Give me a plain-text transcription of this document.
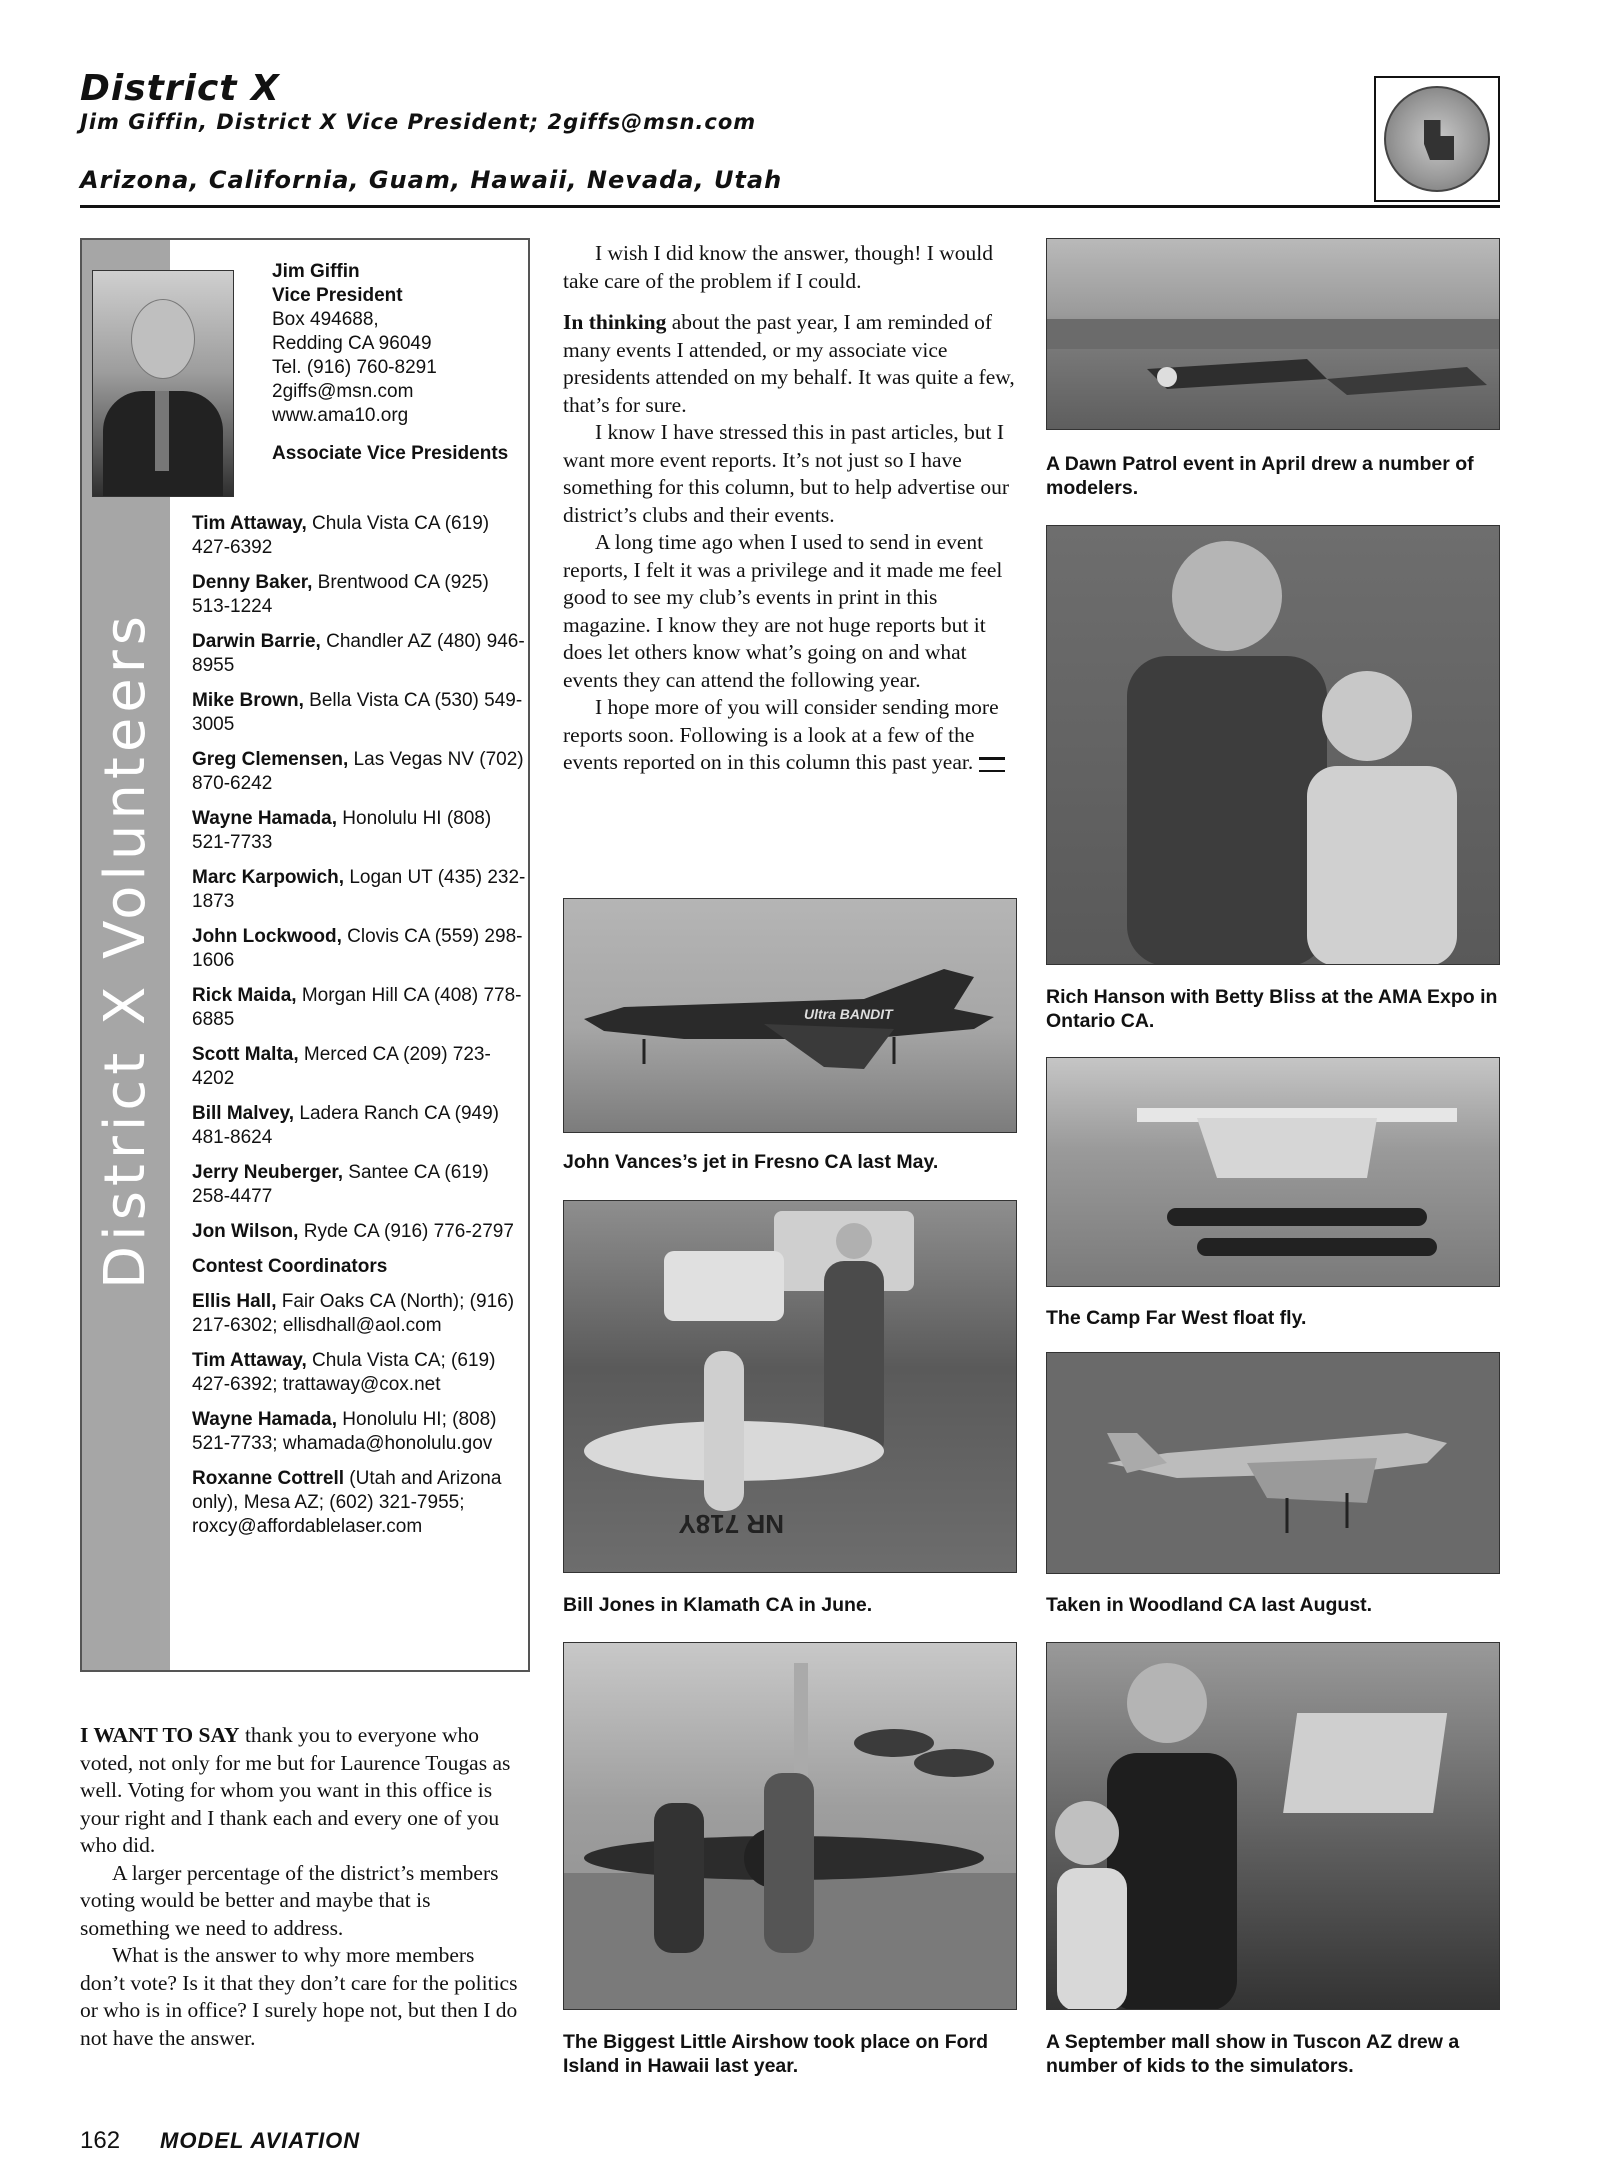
District X
Jim Giffin, District X Vice President; 2giffs@msn.com
Arizona, California, Guam, Hawaii, Nevada, Utah
District X Volunteers
Jim Giffin
Vice President
Box 494688,
Redding CA 96049
Tel. (916) 760-8291
2giffs@msn.com
www.ama10.org
Associate Vice Presidents
Tim Attaway, Chula Vista CA (619) 427-6392
Denny Baker, Brentwood CA (925) 513-1224
Darwin Barrie, Chandler AZ (480) 946-8955
Mike Brown, Bella Vista CA (530) 549-3005
Greg Clemensen, Las Vegas NV (702) 870-6242
Wayne Hamada, Honolulu HI (808) 521-7733
Marc Karpowich, Logan UT (435) 232-1873
John Lockwood, Clovis CA (559) 298-1606
Rick Maida, Morgan Hill CA (408) 778-6885
Scott Malta, Merced CA (209) 723-4202
Bill Malvey, Ladera Ranch CA (949) 481-8624
Jerry Neuberger, Santee CA (619) 258-4477
Jon Wilson, Ryde CA (916) 776-2797
Contest Coordinators
Ellis Hall, Fair Oaks CA (North); (916) 217-6302; ellisdhall@aol.com
Tim Attaway, Chula Vista CA; (619) 427-6392; trattaway@cox.net
Wayne Hamada, Honolulu HI; (808) 521-7733; whamada@honolulu.gov
Roxanne Cottrell (Utah and Arizona only), Mesa AZ; (602) 321-7955; roxcy@affordablelaser.com

I WANT TO SAY thank you to everyone who voted, not only for me but for Laurence Tougas as well. Voting for whom you want in this office is your right and I thank each and every one of you who did.

A larger percentage of the district’s members voting would be better and maybe that is something we need to address.

What is the answer to why more members don’t vote? Is it that they don’t care for the politics or who is in office? I surely hope not, but then I do not have the answer.

I wish I did know the answer, though! I would take care of the problem if I could.

In thinking about the past year, I am reminded of many events I attended, or my associate vice presidents attended on my behalf. It was quite a few, that’s for sure.

I know I have stressed this in past articles, but I want more event reports. It’s not just so I have something for this column, but to help advertise our district’s clubs and their events.

A long time ago when I used to send in event reports, I felt it was a privilege and it made me feel good to see my club’s events in print in this magazine. I know they are not huge reports but it does let others know what’s going on and what events they can attend the following year.

I hope more of you will consider sending more reports soon. Following is a look at a few of the events reported on in this column this past year.

Ultra BANDIT
John Vances’s jet in Fresno CA last May.
NR 718Y
Bill Jones in Klamath CA in June.
The Biggest Little Airshow took place on Ford Island in Hawaii last year.
A Dawn Patrol event in April drew a number of modelers.
Rich Hanson with Betty Bliss at the AMA Expo in Ontario CA.
The Camp Far West float fly.
Taken in Woodland CA last August.
A September mall show in Tuscon AZ drew a number of kids to the simulators.
162 MODEL AVIATION
